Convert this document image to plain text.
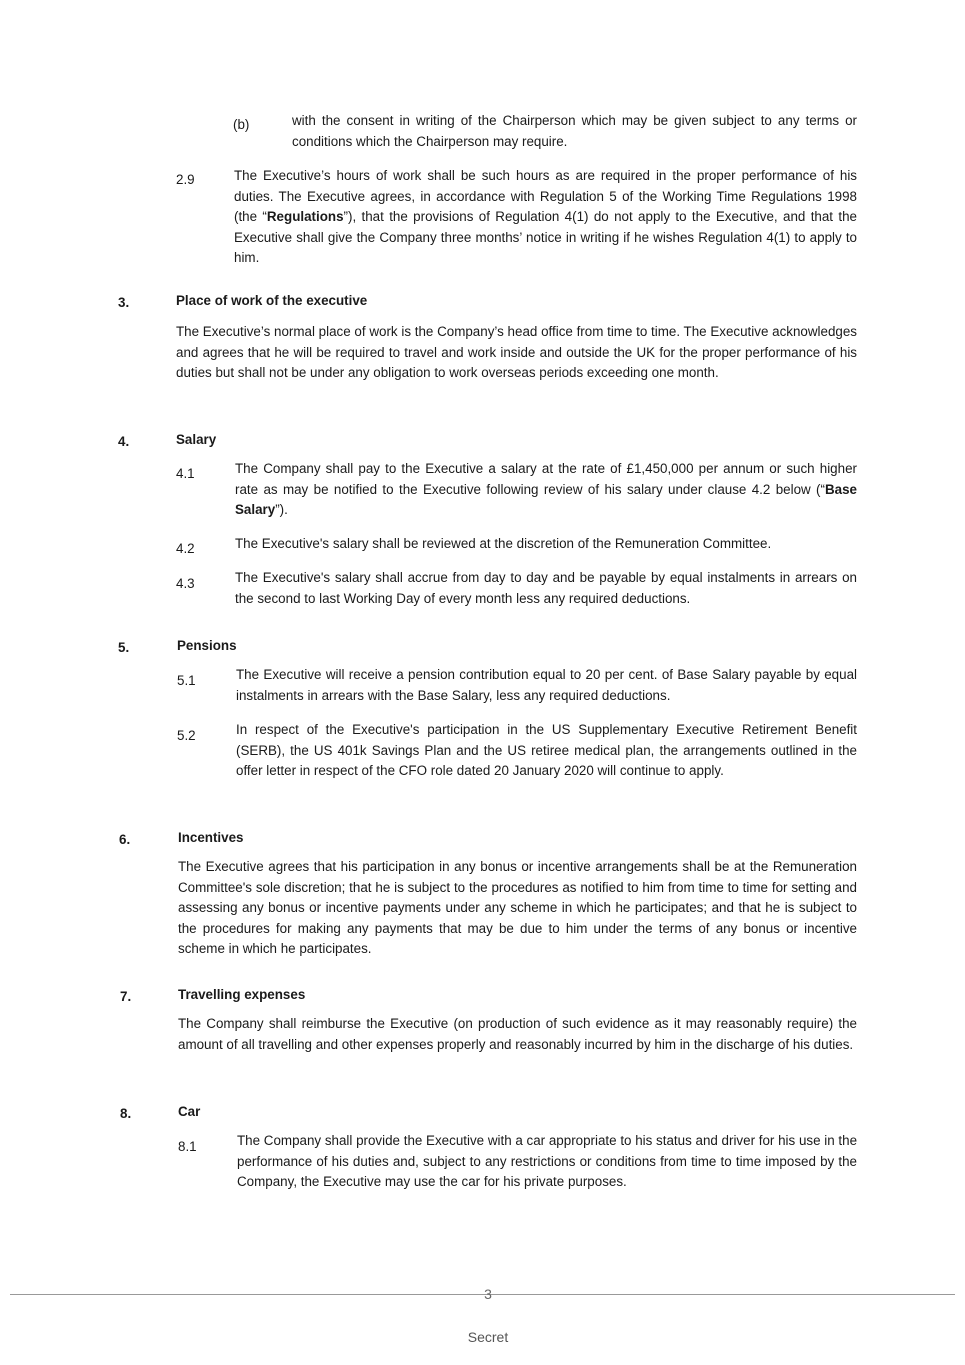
(b)	with the consent in writing of the Chairperson which may be given subject to any terms or conditions which the Chairperson may require.
2.9	The Executive’s hours of work shall be such hours as are required in the proper performance of his duties. The Executive agrees, in accordance with Regulation 5 of the Working Time Regulations 1998 (the “Regulations”), that the provisions of Regulation 4(1) do not apply to the Executive, and that the Executive shall give the Company three months’ notice in writing if he wishes Regulation 4(1) to apply to him.
3.	Place of work of the executive
The Executive’s normal place of work is the Company’s head office from time to time. The Executive acknowledges and agrees that he will be required to travel and work inside and outside the UK for the proper performance of his duties but shall not be under any obligation to work overseas periods exceeding one month.
4.	Salary
4.1	The Company shall pay to the Executive a salary at the rate of £1,450,000 per annum or such higher rate as may be notified to the Executive following review of his salary under clause 4.2 below (“Base Salary”).
4.2	The Executive's salary shall be reviewed at the discretion of the Remuneration Committee.
4.3	The Executive's salary shall accrue from day to day and be payable by equal instalments in arrears on the second to last Working Day of every month less any required deductions.
5.	Pensions
5.1	The Executive will receive a pension contribution equal to 20 per cent. of Base Salary payable by equal instalments in arrears with the Base Salary, less any required deductions.
5.2	In respect of the Executive's participation in the US Supplementary Executive Retirement Benefit (SERB), the US 401k Savings Plan and the US retiree medical plan, the arrangements outlined in the offer letter in respect of the CFO role dated 20 January 2020 will continue to apply.
6.	Incentives
The Executive agrees that his participation in any bonus or incentive arrangements shall be at the Remuneration Committee's sole discretion; that he is subject to the procedures as notified to him from time to time for setting and assessing any bonus or incentive payments under any scheme in which he participates; and that he is subject to the procedures for making any payments that may be due to him under the terms of any bonus or incentive scheme in which he participates.
7.	Travelling expenses
The Company shall reimburse the Executive (on production of such evidence as it may reasonably require) the amount of all travelling and other expenses properly and reasonably incurred by him in the discharge of his duties.
8.	Car
8.1	The Company shall provide the Executive with a car appropriate to his status and driver for his use in the performance of his duties and, subject to any restrictions or conditions from time to time imposed by the Company, the Executive may use the car for his private purposes.
3
Secret
